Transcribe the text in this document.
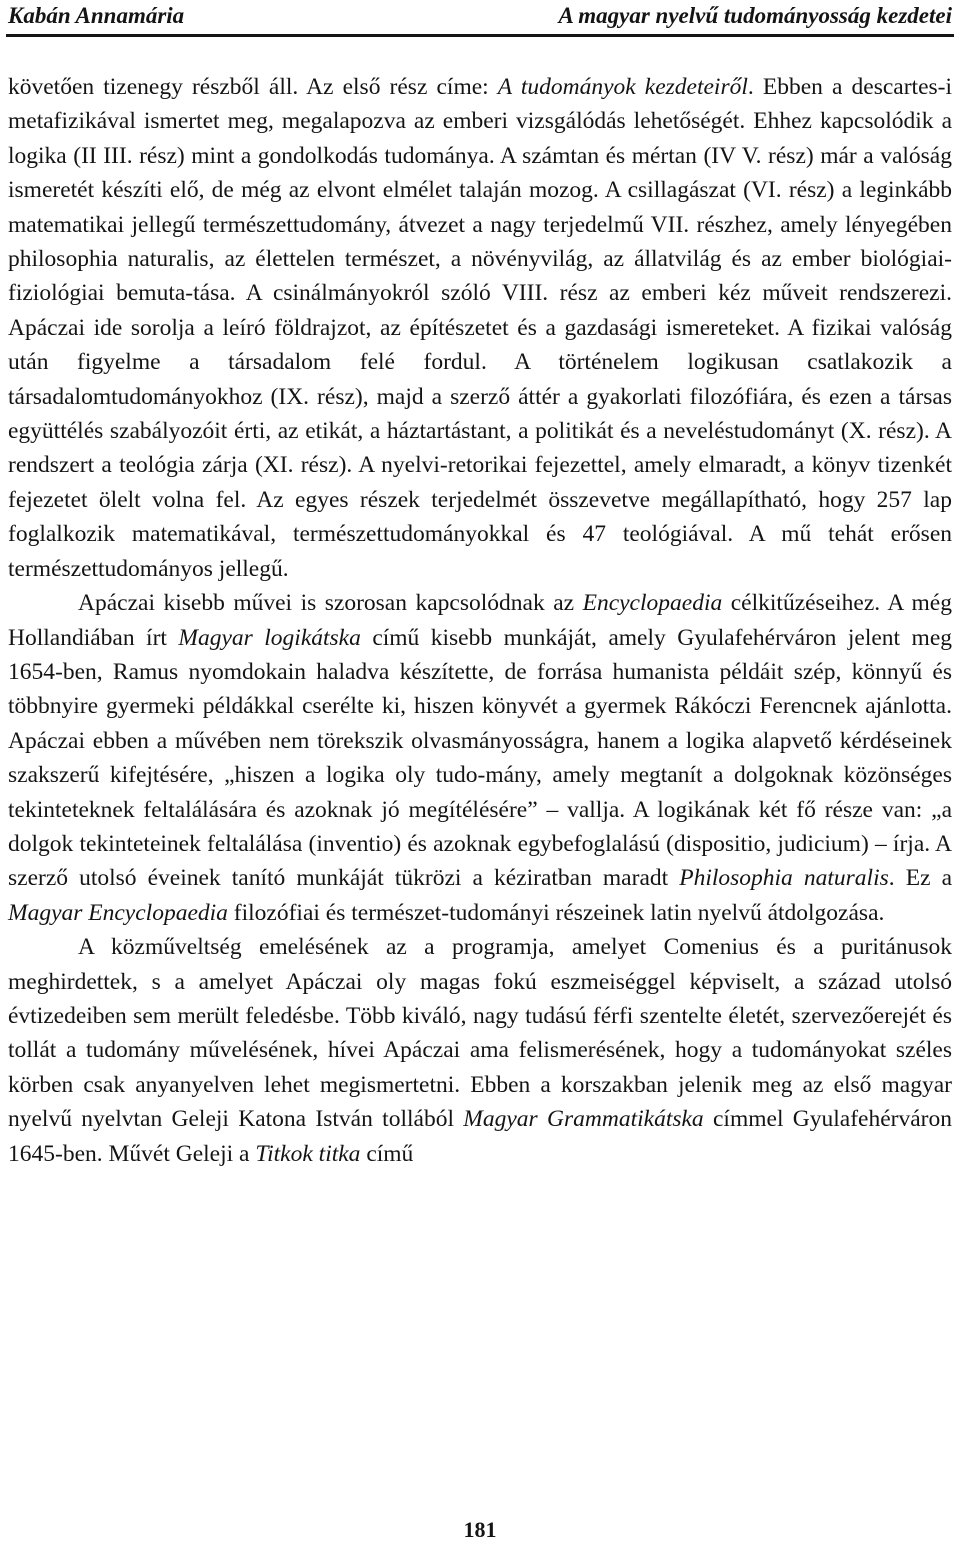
Kabán Annamária	A magyar nyelvű tudományosság kezdetei

követően tizenegy részből áll. Az első rész címe: A tudományok kezdeteiről. Ebben a descartes-i metafizikával ismertet meg, megalapozva az emberi vizsgálódás lehetőségét. Ehhez kapcsolódik a logika (II III. rész) mint a gondolkodás tudománya. A számtan és mértan (IV V. rész) már a valóság ismeretét készíti elő, de még az elvont elmélet talaján mozog. A csillagászat (VI. rész) a leginkább matematikai jellegű természettudomány, átvezet a nagy terjedelmű VII. részhez, amely lényegében philosophia naturalis, az élettelen természet, a növényvilág, az állatvilág és az ember biológiai-fiziológiai bemuta-tása. A csinálmányokról szóló VIII. rész az emberi kéz műveit rendszerezi. Apáczai ide sorolja a leíró földrajzot, az építészetet és a gazdasági ismereteket. A fizikai valóság után figyelme a társadalom felé fordul. A történelem logikusan csatlakozik a társadalomtudományokhoz (IX. rész), majd a szerző áttér a gyakorlati filozófiára, és ezen a társas együttélés szabályozóit érti, az etikát, a háztartástant, a politikát és a neveléstudományt (X. rész). A rendszert a teológia zárja (XI. rész). A nyelvi-retorikai fejezettel, amely elmaradt, a könyv tizenkét fejezetet ölelt volna fel. Az egyes részek terjedelmét összevetve megállapítható, hogy 257 lap foglalkozik matematikával, természettudományokkal és 47 teológiával. A mű tehát erősen természettudományos jellegű.

Apáczai kisebb művei is szorosan kapcsolódnak az Encyclopaedia célkitűzéseihez. A még Hollandiában írt Magyar logikátska című kisebb munkáját, amely Gyulafehérváron jelent meg 1654-ben, Ramus nyomdokain haladva készítette, de forrása humanista példáit szép, könnyű és többnyire gyermeki példákkal cserélte ki, hiszen könyvét a gyermek Rákóczi Ferencnek ajánlotta. Apáczai ebben a művében nem törekszik olvasmányosságra, hanem a logika alapvető kérdéseinek szakszerű kifejtésére, „hiszen a logika oly tudo-mány, amely megtanít a dolgoknak közönséges tekinteteknek feltalálására és azoknak jó megítélésére” – vallja. A logikának két fő része van: „a dolgok tekinteteinek feltalálása (inventio) és azoknak egybefoglalású (dispositio, judicium) – írja. A szerző utolsó éveinek tanító munkáját tükrözi a kéziratban maradt Philosophia naturalis. Ez a Magyar Encyclopaedia filozófiai és természet-tudományi részeinek latin nyelvű átdolgozása.

A közműveltség emelésének az a programja, amelyet Comenius és a puritánusok meghirdettek, s a amelyet Apáczai oly magas fokú eszmeiséggel képviselt, a század utolsó évtizedeiben sem merült feledésbe. Több kiváló, nagy tudású férfi szentelte életét, szervezőerejét és tollát a tudomány művelésének, hívei Apáczai ama felismerésének, hogy a tudományokat széles körben csak anyanyelven lehet megismertetni. Ebben a korszakban jelenik meg az első magyar nyelvű nyelvtan Geleji Katona István tollából Magyar Grammatikátska címmel Gyulafehérváron 1645-ben. Művét Geleji a Titkok titka című

181
